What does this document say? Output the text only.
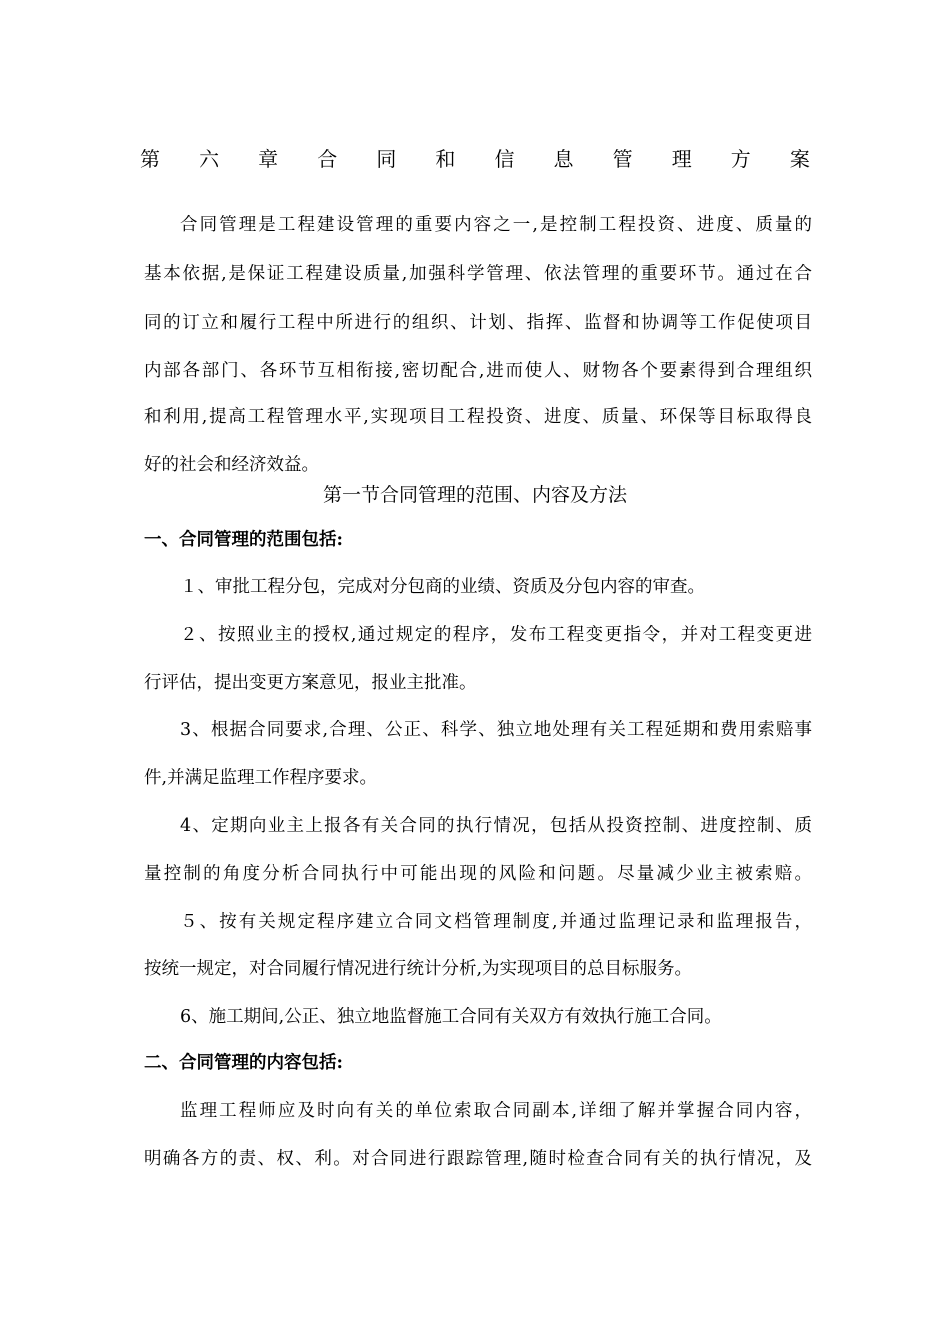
第 六 章 合 同 和 信 息 管 理 方 案

合同管理是工程建设管理的重要内容之一,是控制工程投资、进度、质量的

基本依据,是保证工程建设质量,加强科学管理、依法管理的重要环节。通过在合

同的订立和履行工程中所进行的组织、计划、指挥、监督和协调等工作促使项目

内部各部门、各环节互相衔接,密切配合,进而使人、财物各个要素得到合理组织

和利用,提高工程管理水平,实现项目工程投资、进度、质量、环保等目标取得良

好的社会和经济效益。

第一节合同管理的范围、内容及方法
一、合同管理的范围包括:

１、审批工程分包，完成对分包商的业绩、资质及分包内容的审查。

２、按照业主的授权,通过规定的程序，发布工程变更指令，并对工程变更进

行评估，提出变更方案意见，报业主批准。

3、根据合同要求,合理、公正、科学、独立地处理有关工程延期和费用索赔事

件,并满足监理工作程序要求。

4、定期向业主上报各有关合同的执行情况，包括从投资控制、进度控制、质

量控制的角度分析合同执行中可能出现的风险和问题。尽量减少业主被索赔。

５、按有关规定程序建立合同文档管理制度,并通过监理记录和监理报告，

按统一规定，对合同履行情况进行统计分析,为实现项目的总目标服务。

6、施工期间,公正、独立地监督施工合同有关双方有效执行施工合同。

二、合同管理的内容包括:

监理工程师应及时向有关的单位索取合同副本,详细了解并掌握合同内容，

明确各方的责、权、利。对合同进行跟踪管理,随时检查合同有关的执行情况，及
